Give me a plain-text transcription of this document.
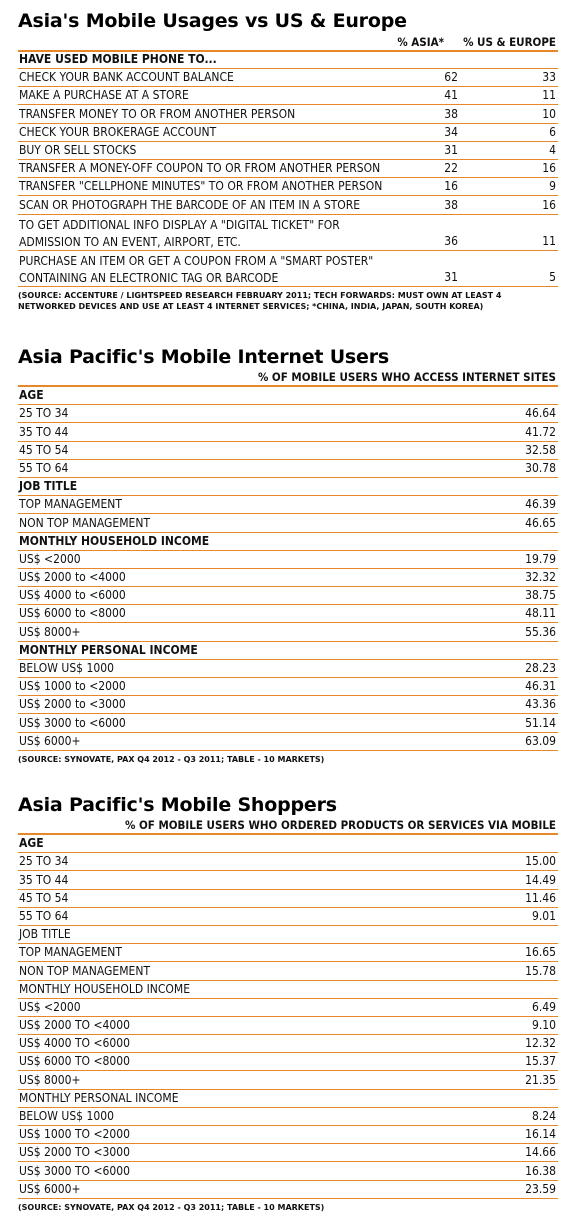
Asia's Mobile Usages vs US & Europe
% ASIA* % US & EUROPE
HAVE USED MOBILE PHONE TO...
CHECK YOUR BANK ACCOUNT BALANCE	62	33
MAKE A PURCHASE AT A STORE	41	11
TRANSFER MONEY TO OR FROM ANOTHER PERSON	38	10
CHECK YOUR BROKERAGE ACCOUNT	34	6
BUY OR SELL STOCKS	31	4
TRANSFER A MONEY-OFF COUPON TO OR FROM ANOTHER PERSON	22	16
TRANSFER "CELLPHONE MINUTES" TO OR FROM ANOTHER PERSON	16	9
SCAN OR PHOTOGRAPH THE BARCODE OF AN ITEM IN A STORE	38	16
TO GET ADDITIONAL INFO DISPLAY A "DIGITAL TICKET" FOR
ADMISSION TO AN EVENT, AIRPORT, ETC.	36	11
PURCHASE AN ITEM OR GET A COUPON FROM A "SMART POSTER"
CONTAINING AN ELECTRONIC TAG OR BARCODE	31	5
(SOURCE: ACCENTURE / LIGHTSPEED RESEARCH FEBRUARY 2011; TECH FORWARDS: MUST OWN AT LEAST 4
NETWORKED DEVICES AND USE AT LEAST 4 INTERNET SERVICES; *CHINA, INDIA, JAPAN, SOUTH KOREA)
Asia Pacific's Mobile Internet Users
% OF MOBILE USERS WHO ACCESS INTERNET SITES
AGE
25 TO 34	46.64
35 TO 44	41.72
45 TO 54	32.58
55 TO 64	30.78
JOB TITLE
TOP MANAGEMENT	46.39
NON TOP MANAGEMENT	46.65
MONTHLY HOUSEHOLD INCOME
US$ <2000	19.79
US$ 2000 to <4000	32.32
US$ 4000 to <6000	38.75
US$ 6000 to <8000	48.11
US$ 8000+	55.36
MONTHLY PERSONAL INCOME
BELOW US$ 1000	28.23
US$ 1000 to <2000	46.31
US$ 2000 to <3000	43.36
US$ 3000 to <6000	51.14
US$ 6000+	63.09
(SOURCE: SYNOVATE, PAX Q4 2012 - Q3 2011; TABLE - 10 MARKETS)
Asia Pacific's Mobile Shoppers
% OF MOBILE USERS WHO ORDERED PRODUCTS OR SERVICES VIA MOBILE
AGE
25 TO 34	15.00
35 TO 44	14.49
45 TO 54	11.46
55 TO 64	9.01
JOB TITLE
TOP MANAGEMENT	16.65
NON TOP MANAGEMENT	15.78
MONTHLY HOUSEHOLD INCOME
US$ <2000	6.49
US$ 2000 TO <4000	9.10
US$ 4000 TO <6000	12.32
US$ 6000 TO <8000	15.37
US$ 8000+	21.35
MONTHLY PERSONAL INCOME
BELOW US$ 1000	8.24
US$ 1000 TO <2000	16.14
US$ 2000 TO <3000	14.66
US$ 3000 TO <6000	16.38
US$ 6000+	23.59
(SOURCE: SYNOVATE, PAX Q4 2012 - Q3 2011; TABLE - 10 MARKETS)
